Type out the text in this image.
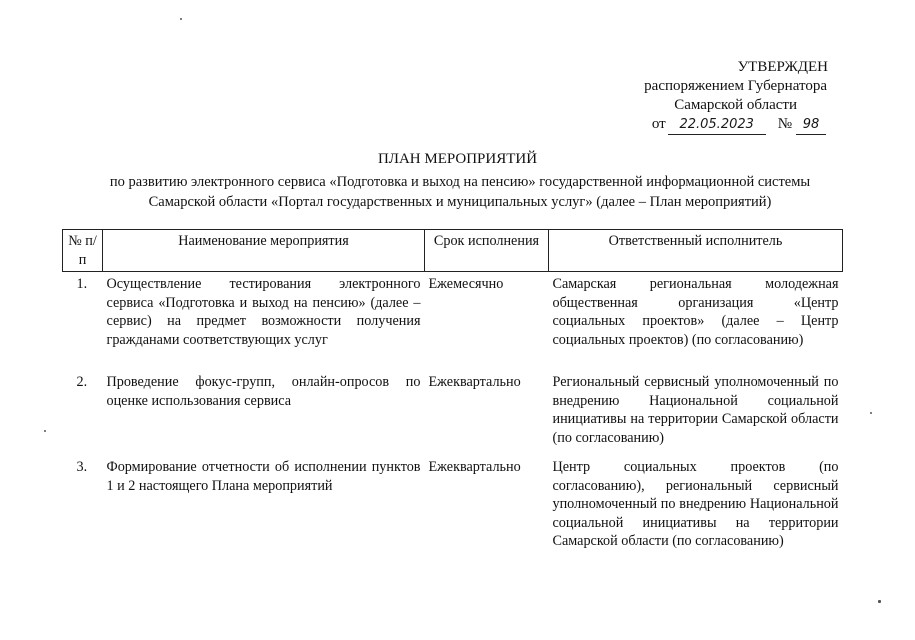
УТВЕРЖДЕН
распоряжением Губернатора
Самарской области
от 22.05.2023 № 98
ПЛАН МЕРОПРИЯТИЙ
по развитию электронного сервиса «Подготовка и выход на пенсию» государственной информационной системы
Самарской области «Портал государственных и муниципальных услуг» (далее – План мероприятий)
№ п/п	Наименование мероприятия	Срок исполнения	Ответственный исполнитель
1.	Осуществление тестирования электронного сервиса «Подготовка и выход на пенсию» (далее – сервис) на предмет возможности получения гражданами соответствующих услуг	Ежемесячно	Самарская региональная молодежная общественная организация «Центр социальных проектов» (далее – Центр социальных проектов) (по согласованию)
2.	Проведение фокус-групп, онлайн-опросов по оценке использования сервиса	Ежеквартально	Региональный сервисный уполномоченный по внедрению Национальной социальной инициативы на территории Самарской области (по согласованию)
3.	Формирование отчетности об исполнении пунктов 1 и 2 настоящего Плана мероприятий	Ежеквартально	Центр социальных проектов (по согласованию), региональный сервисный уполномоченный по внедрению Национальной социальной инициативы на территории Самарской области (по согласованию)
